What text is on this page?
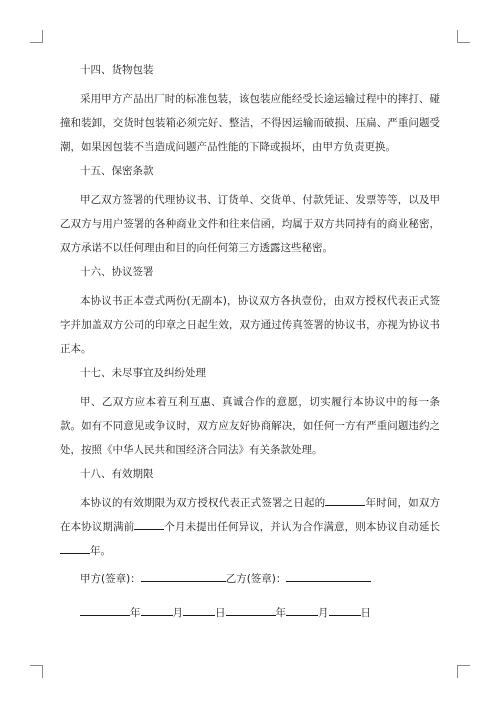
十四、货物包装

采用甲方产品出厂时的标准包装，该包装应能经受长途运输过程中的摔打、碰撞和装卸，交货时包装箱必须完好、整洁，不得因运输而破损、压扁、严重问题受潮，如果因包装不当造成问题产品性能的下降或损坏，由甲方负责更换。

十五、保密条款

甲乙双方签署的代理协议书、订货单、交货单、付款凭证、发票等等，以及甲乙双方与用户签署的各种商业文件和往来信函，均属于双方共同持有的商业秘密，双方承诺不以任何理由和目的向任何第三方透露这些秘密。

十六、协议签署

本协议书正本壹式两份(无副本)，协议双方各执壹份，由双方授权代表正式签字并加盖双方公司的印章之日起生效，双方通过传真签署的协议书，亦视为协议书正本。

十七、未尽事宜及纠纷处理

甲、乙双方应本着互利互惠、真诚合作的意愿，切实履行本协议中的每一条款。如有不同意见或争议时，双方应友好协商解决，如任何一方有严重问题违约之处，按照《中华人民共和国经济合同法》有关条款处理。

十八、有效期限

本协议的有效期限为双方授权代表正式签署之日起的	年时间，如双方在本协议期满前	个月未提出任何异议，并认为合作满意，则本协议自动延长年。

甲方(签章)：	乙方(签章)：

年	月	日	年	月	日
